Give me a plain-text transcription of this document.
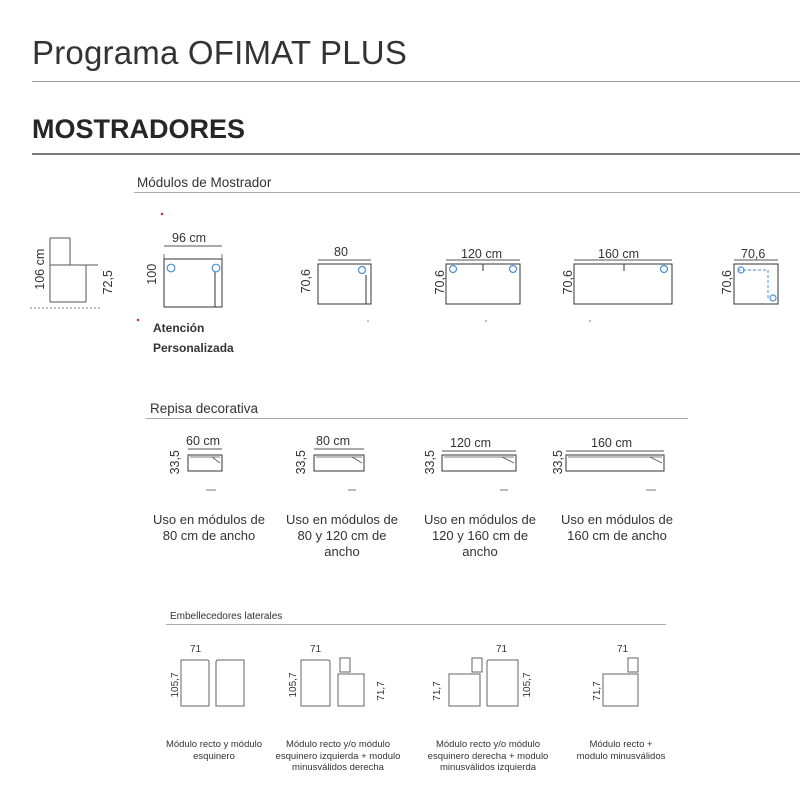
Programa OFIMAT PLUS
MOSTRADORES
Módulos de Mostrador
106 cm	72,5
96 cm
100
Atención
Personalizada
80
70,6
120 cm
70,6
160 cm
70,6
70,6
70,6
Repisa decorativa
60 cm
33,5
Uso en módulos de 80 cm de ancho
80 cm
33,5
Uso en módulos de 80 y 120 cm de ancho
120 cm
33,5
Uso en módulos de 120 y 160 cm de ancho
160 cm
33,5
Uso en módulos de 160 cm de ancho
Embellecedores laterales
71
105,7
Módulo recto y módulo esquinero
71
105,7	71,7
Módulo recto y/o módulo esquinero izquierda + modulo minusválidos derecha
71
71,7	105,7
Módulo recto y/o módulo esquinero derecha + modulo minusválidos izquierda
71
71,7
Módulo recto + modulo minusválidos
